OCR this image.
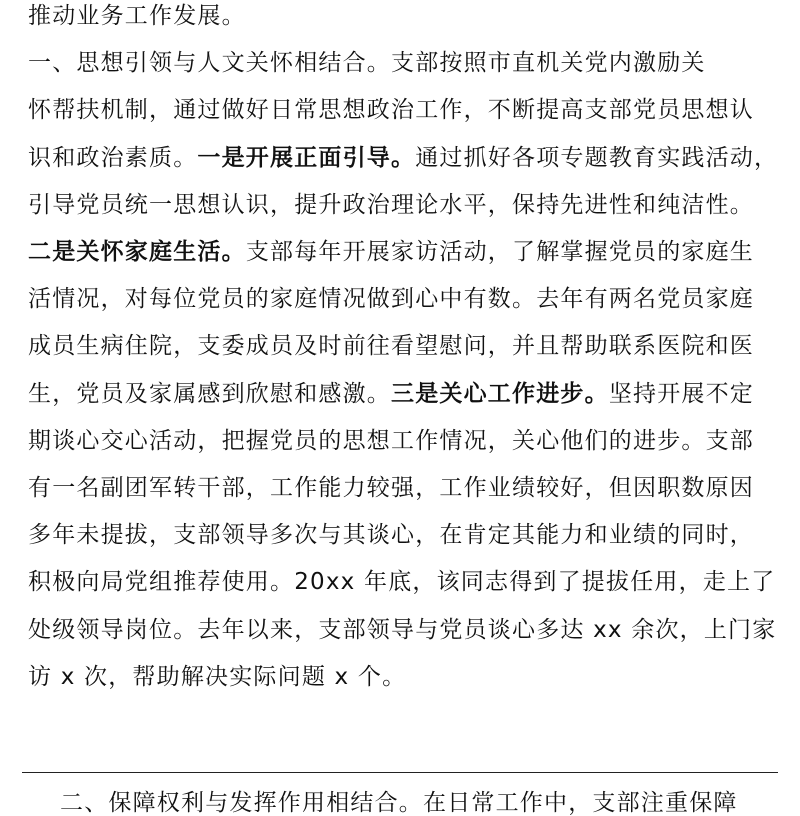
推动业务工作发展。
一、思想引领与人文关怀相结合。支部按照市直机关党内激励关
怀帮扶机制，通过做好日常思想政治工作，不断提高支部党员思想认
识和政治素质。一是开展正面引导。通过抓好各项专题教育实践活动，
引导党员统一思想认识，提升政治理论水平，保持先进性和纯洁性。
二是关怀家庭生活。支部每年开展家访活动，了解掌握党员的家庭生
活情况，对每位党员的家庭情况做到心中有数。去年有两名党员家庭
成员生病住院，支委成员及时前往看望慰问，并且帮助联系医院和医
生，党员及家属感到欣慰和感激。三是关心工作进步。坚持开展不定
期谈心交心活动，把握党员的思想工作情况，关心他们的进步。支部
有一名副团军转干部，工作能力较强，工作业绩较好，但因职数原因
多年未提拔，支部领导多次与其谈心，在肯定其能力和业绩的同时，
积极向局党组推荐使用。20xx 年底，该同志得到了提拔任用，走上了
处级领导岗位。去年以来，支部领导与党员谈心多达 xx 余次，上门家
访 x 次，帮助解决实际问题 x 个。
二、保障权利与发挥作用相结合。在日常工作中，支部注重保障
